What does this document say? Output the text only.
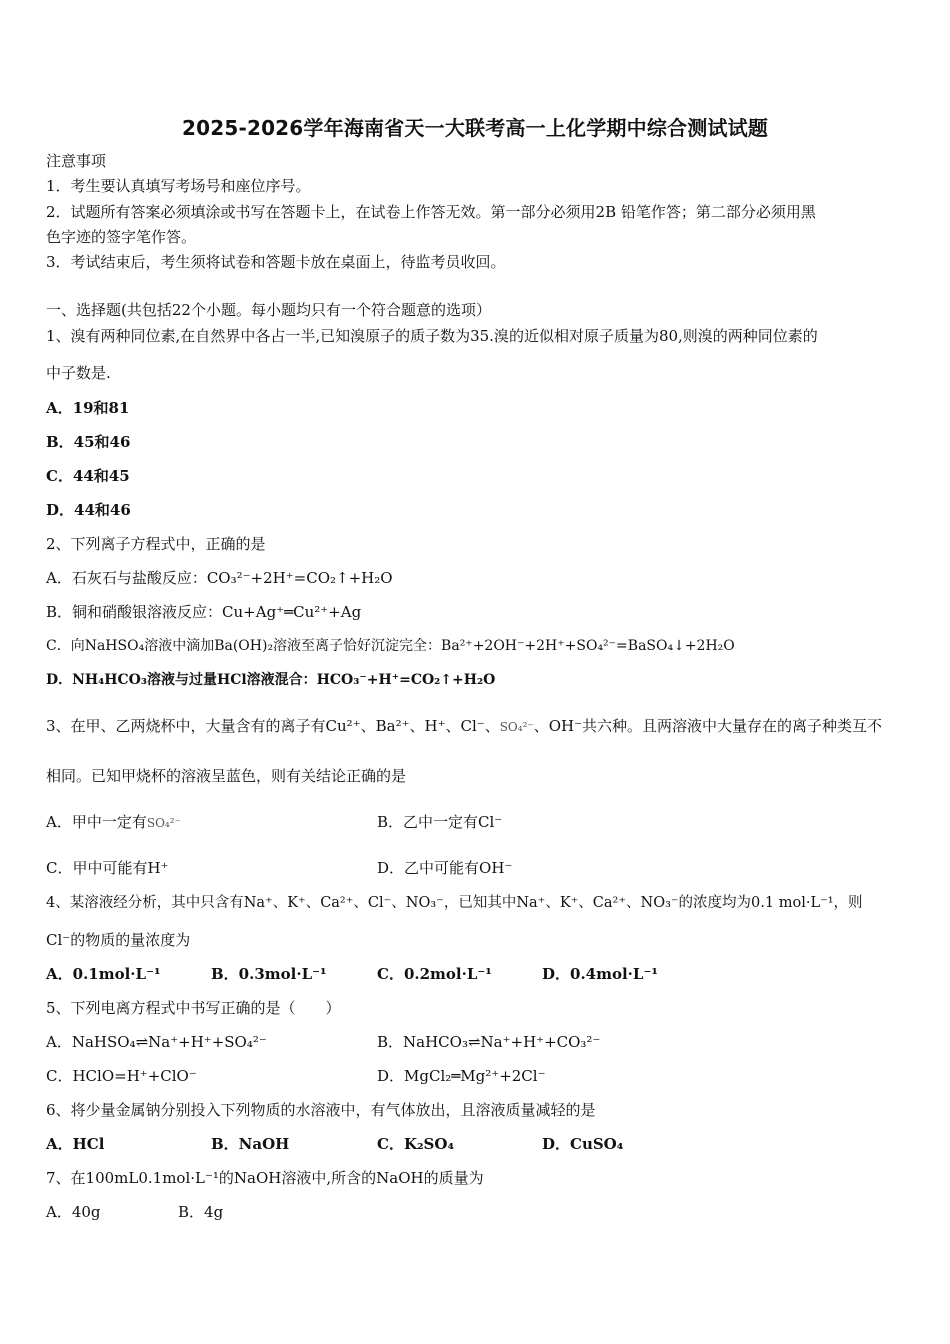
2025-2026学年海南省天一大联考高一上化学期中综合测试试题
注意事项
1．考生要认真填写考场号和座位序号。
2．试题所有答案必须填涂或书写在答题卡上，在试卷上作答无效。第一部分必须用2B 铅笔作答；第二部分必须用黑
色字迹的签字笔作答。
3．考试结束后，考生须将试卷和答题卡放在桌面上，待监考员收回。
一、选择题(共包括22个小题。每小题均只有一个符合题意的选项）
1、溴有两种同位素,在自然界中各占一半,已知溴原子的质子数为35.溴的近似相对原子质量为80,则溴的两种同位素的
中子数是.
A．19和81
B．45和46
C．44和45
D．44和46
2、下列离子方程式中，正确的是
A．石灰石与盐酸反应：CO₃²⁻+2H⁺=CO₂↑+H₂O
B．铜和硝酸银溶液反应：Cu+Ag⁺═Cu²⁺+Ag
C．向NaHSO₄溶液中滴加Ba(OH)₂溶液至离子恰好沉淀完全：Ba²⁺+2OH⁻+2H⁺+SO₄²⁻=BaSO₄↓+2H₂O
D．NH₄HCO₃溶液与过量HCl溶液混合：HCO₃⁻+H⁺=CO₂↑+H₂O
3、在甲、乙两烧杯中，大量含有的离子有Cu²⁺、Ba²⁺、H⁺、Cl⁻、SO₄²⁻、OH⁻共六种。且两溶液中大量存在的离子种类互不
相同。已知甲烧杯的溶液呈蓝色，则有关结论正确的是
A．甲中一定有SO₄²⁻	B．乙中一定有Cl⁻
C．甲中可能有H⁺	D．乙中可能有OH⁻
4、某溶液经分析，其中只含有Na⁺、K⁺、Ca²⁺、Cl⁻、NO₃⁻，已知其中Na⁺、K⁺、Ca²⁺、NO₃⁻的浓度均为0.1 mol·L⁻¹，则
Cl⁻的物质的量浓度为
A．0.1mol·L⁻¹	B．0.3mol·L⁻¹	C．0.2mol·L⁻¹	D．0.4mol·L⁻¹
5、下列电离方程式中书写正确的是（　　）
A．NaHSO₄⇌Na⁺+H⁺+SO₄²⁻	B．NaHCO₃⇌Na⁺+H⁺+CO₃²⁻
C．HClO=H⁺+ClO⁻	D．MgCl₂═Mg²⁺+2Cl⁻
6、将少量金属钠分别投入下列物质的水溶液中，有气体放出，且溶液质量减轻的是
A．HCl	B．NaOH	C．K₂SO₄	D．CuSO₄
7、在100mL0.1mol·L⁻¹的NaOH溶液中,所含的NaOH的质量为
A．40g	B．4g
